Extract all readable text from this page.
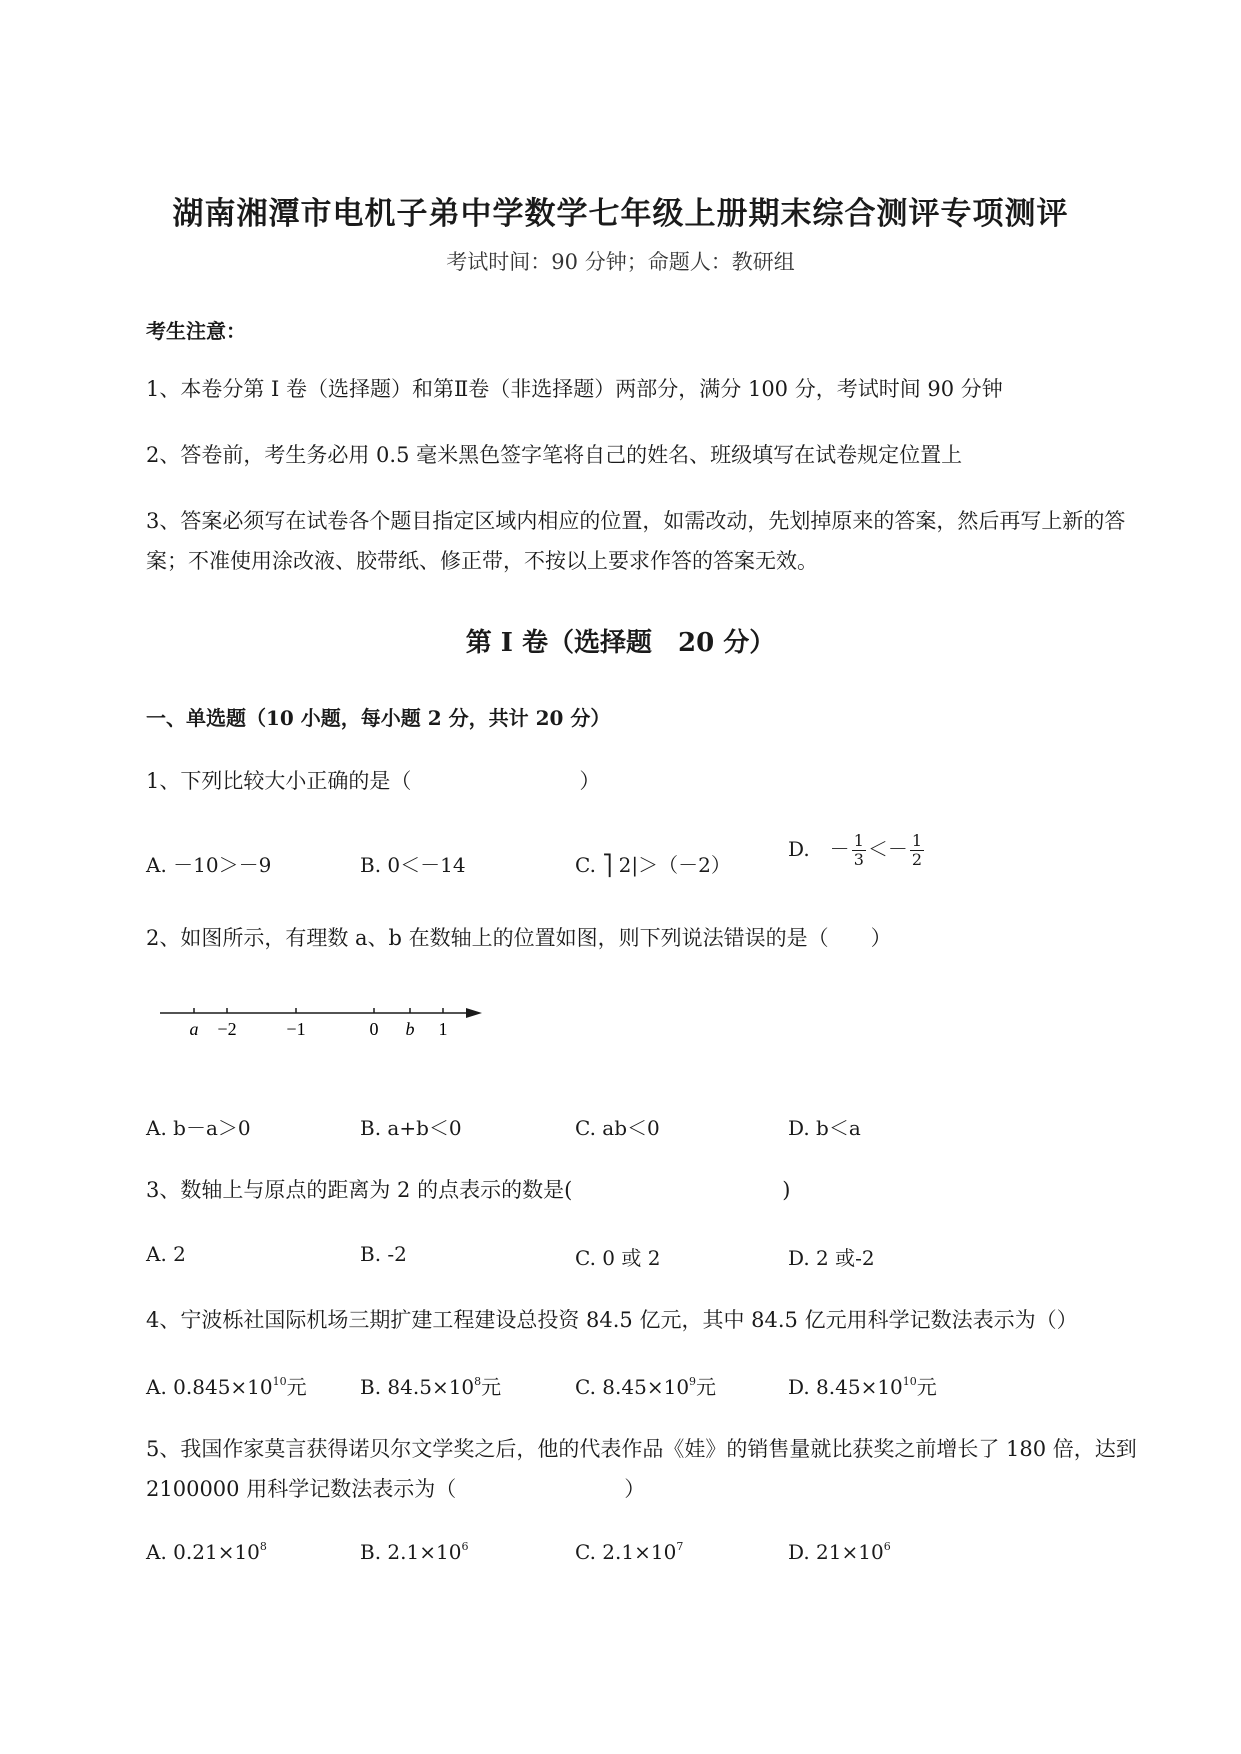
湖南湘潭市电机子弟中学数学七年级上册期末综合测评专项测评
考试时间：90 分钟；命题人：教研组
考生注意：
1、本卷分第 I 卷（选择题）和第Ⅱ卷（非选择题）两部分，满分 100 分，考试时间 90 分钟
2、答卷前，考生务必用 0.5 毫米黑色签字笔将自己的姓名、班级填写在试卷规定位置上
3、答案必须写在试卷各个题目指定区域内相应的位置，如需改动，先划掉原来的答案，然后再写上新的答案；不准使用涂改液、胶带纸、修正带，不按以上要求作答的答案无效。
第 I 卷（选择题　20 分）
一、单选题（10 小题，每小题 2 分，共计 20 分）
1、下列比较大小正确的是（　　　　　　　　）
A. －10＞－9	B. 0＜－14	C. ⎤ 2|＞（－2）
D.　－ $\frac{1}{3} <- \frac{1}{2}$
2、如图所示，有理数 a、b 在数轴上的位置如图，则下列说法错误的是（　　）
a −2	−1	0 b 1
A. b－a＞0	B. a+b＜0	C. ab＜0	D. b＜a
3、数轴上与原点的距离为 2 的点表示的数是(　　　　　　　　　　)
A. 2	B. -2	C. 0 或 2	D. 2 或-2
4、宁波栎社国际机场三期扩建工程建设总投资 84.5 亿元，其中 84.5 亿元用科学记数法表示为（）
A. $0.845\times 10^{10}$元	B. $84.5\times 10^8$元	C. $8.45\times 10^9$元	D. $8.45\times 10^{10}$元
5、我国作家莫言获得诺贝尔文学奖之后，他的代表作品《娃》的销售量就比获奖之前增长了 180 倍，达到 2100000 用科学记数法表示为（　　　　　　　　）
A. $0.21\times 10^8$	B. $2.1\times 10^6$	C. $2.1\times 10^7$	D. $21\times 10^6$
